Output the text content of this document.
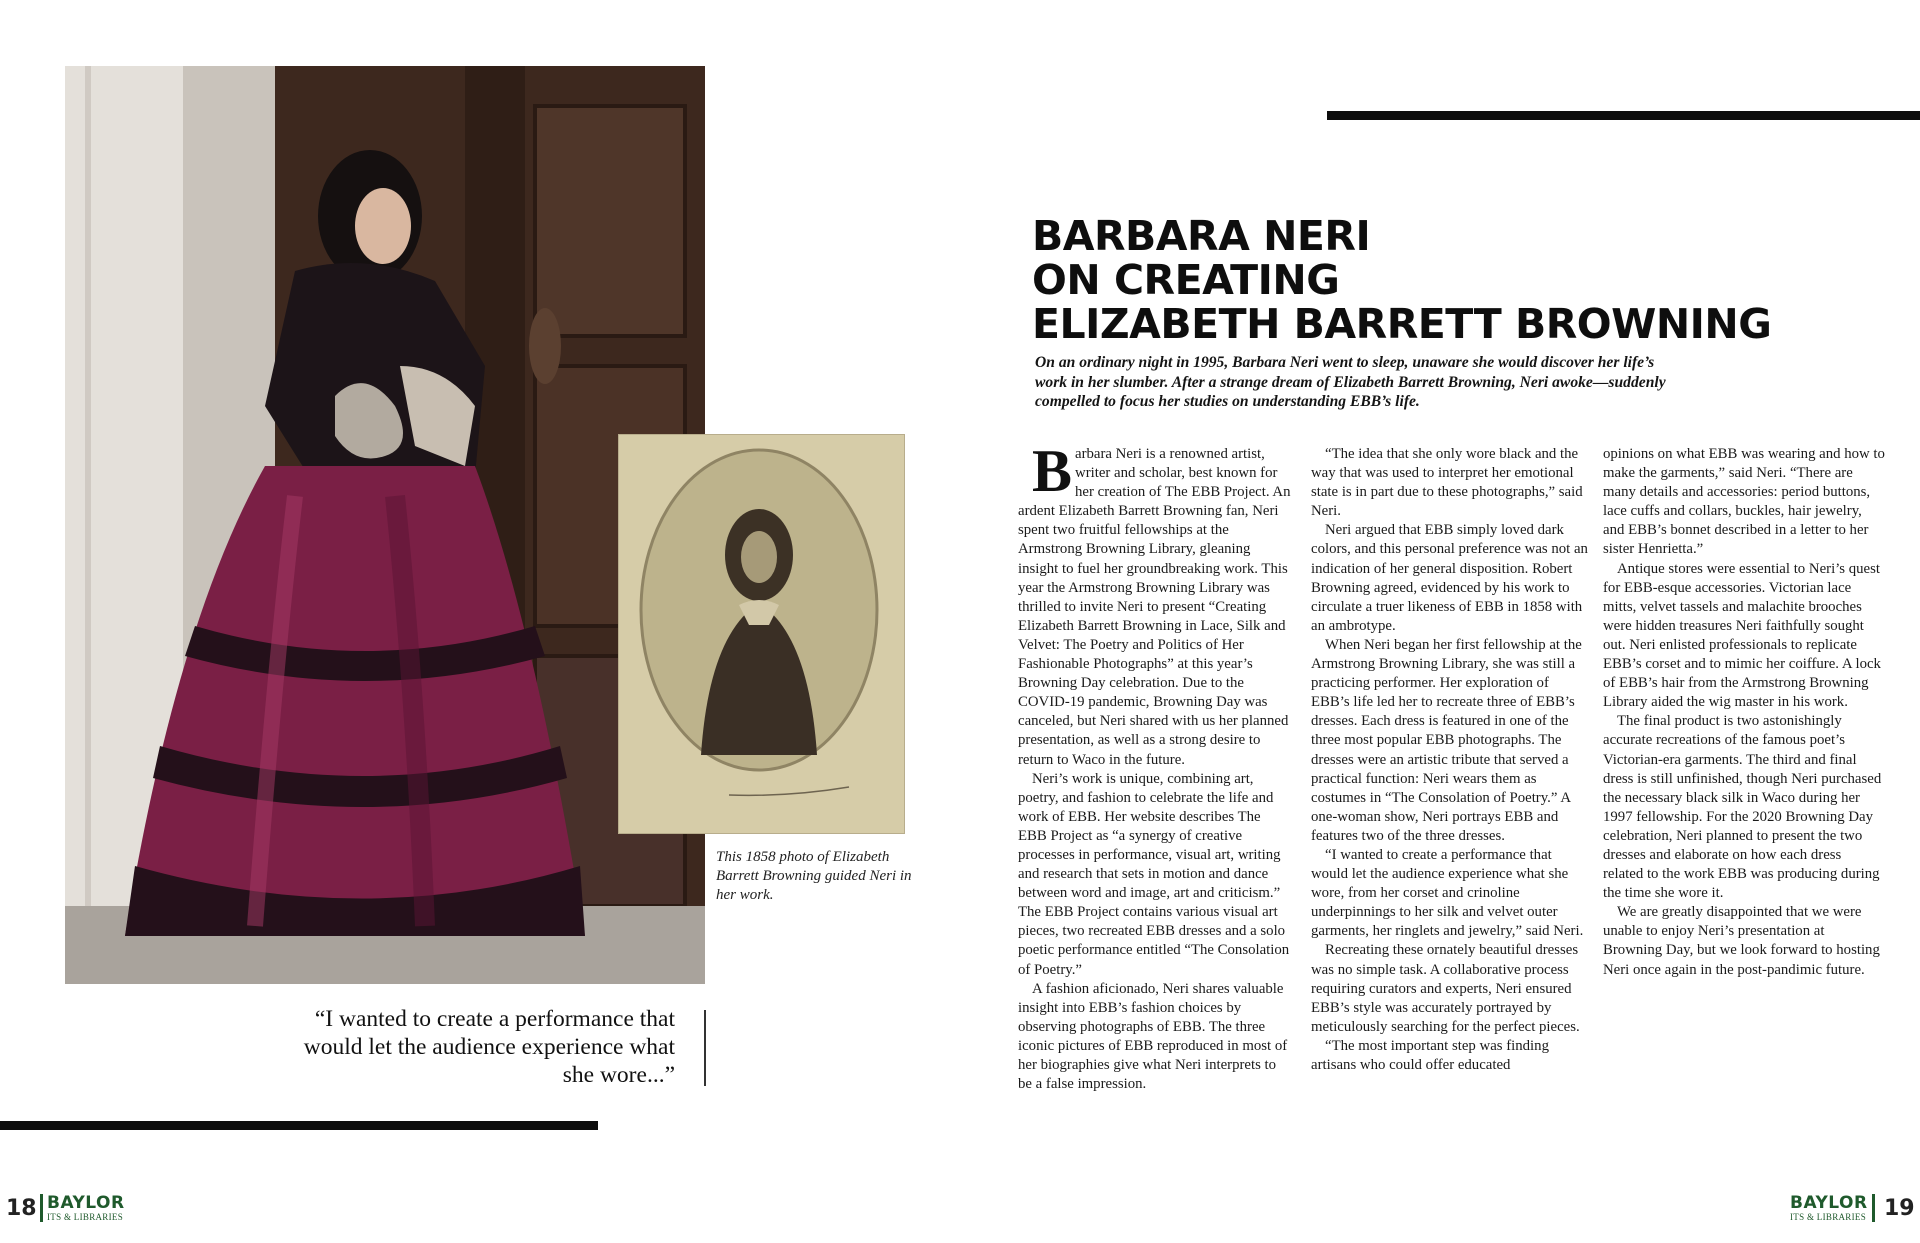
This 1858 photo of Elizabeth Barrett Browning guided Neri in her work.
“I wanted to create a performance that would let the audience experience what she wore...”
BARBARA NERI
ON CREATING
ELIZABETH BARRETT BROWNING
On an ordinary night in 1995, Barbara Neri went to sleep, unaware she would discover her life’s work in her slumber. After a strange dream of Elizabeth Barrett Browning, Neri awoke—suddenly compelled to focus her studies on understanding EBB’s life.

Barbara Neri is a renowned artist, writer and scholar, best known for her creation of The EBB Project. An ardent Elizabeth Barrett Browning fan, Neri spent two fruitful fellowships at the Armstrong Browning Library, gleaning insight to fuel her groundbreaking work. This year the Armstrong Browning Library was thrilled to invite Neri to present “Creating Elizabeth Barrett Browning in Lace, Silk and Velvet: The Poetry and Politics of Her Fashionable Photographs” at this year’s Browning Day celebration. Due to the COVID-19 pandemic, Browning Day was canceled, but Neri shared with us her planned presentation, as well as a strong desire to return to Waco in the future.

Neri’s work is unique, combining art, poetry, and fashion to celebrate the life and work of EBB. Her website describes The EBB Project as “a synergy of creative processes in performance, visual art, writing and research that sets in motion and dance between word and image, art and criticism.” The EBB Project contains various visual art pieces, two recreated EBB dresses and a solo poetic performance entitled “The Consolation of Poetry.”

A fashion aficionado, Neri shares valuable insight into EBB’s fashion choices by observing photographs of EBB. The three iconic pictures of EBB reproduced in most of her biographies give what Neri interprets to be a false impression.

“The idea that she only wore black and the way that was used to interpret her emotional state is in part due to these photographs,” said Neri.

Neri argued that EBB simply loved dark colors, and this personal preference was not an indication of her general disposition. Robert Browning agreed, evidenced by his work to circulate a truer likeness of EBB in 1858 with an ambrotype.

When Neri began her first fellowship at the Armstrong Browning Library, she was still a practicing performer. Her exploration of EBB’s life led her to recreate three of EBB’s dresses. Each dress is featured in one of the three most popular EBB photographs. The dresses were an artistic tribute that served a practical function: Neri wears them as costumes in “The Consolation of Poetry.” A one-woman show, Neri portrays EBB and features two of the three dresses.

“I wanted to create a performance that would let the audience experience what she wore, from her corset and crinoline underpinnings to her silk and velvet outer garments, her ringlets and jewelry,” said Neri.

Recreating these ornately beautiful dresses was no simple task. A collaborative process requiring curators and experts, Neri ensured EBB’s style was accurately portrayed by meticulously searching for the perfect pieces.

“The most important step was finding artisans who could offer educated

opinions on what EBB was wearing and how to make the garments,” said Neri. “There are many details and accessories: period buttons, lace cuffs and collars, buckles, hair jewelry, and EBB’s bonnet described in a letter to her sister Henrietta.”

Antique stores were essential to Neri’s quest for EBB-esque accessories. Victorian lace mitts, velvet tassels and malachite brooches were hidden treasures Neri faithfully sought out. Neri enlisted professionals to replicate EBB’s corset and to mimic her coiffure. A lock of EBB’s hair from the Armstrong Browning Library aided the wig master in his work.

The final product is two astonishingly accurate recreations of the famous poet’s Victorian-era garments. The third and final dress is still unfinished, though Neri purchased the necessary black silk in Waco during her 1997 fellowship. For the 2020 Browning Day celebration, Neri planned to present the two dresses and elaborate on how each dress related to the work EBB was producing during the time she wore it.

We are greatly disappointed that we were unable to enjoy Neri’s presentation at Browning Day, but we look forward to hosting Neri once again in the post-pandimic future.

18 BAYLOR
ITS & LIBRARIES
BAYLOR
ITS & LIBRARIES 19
